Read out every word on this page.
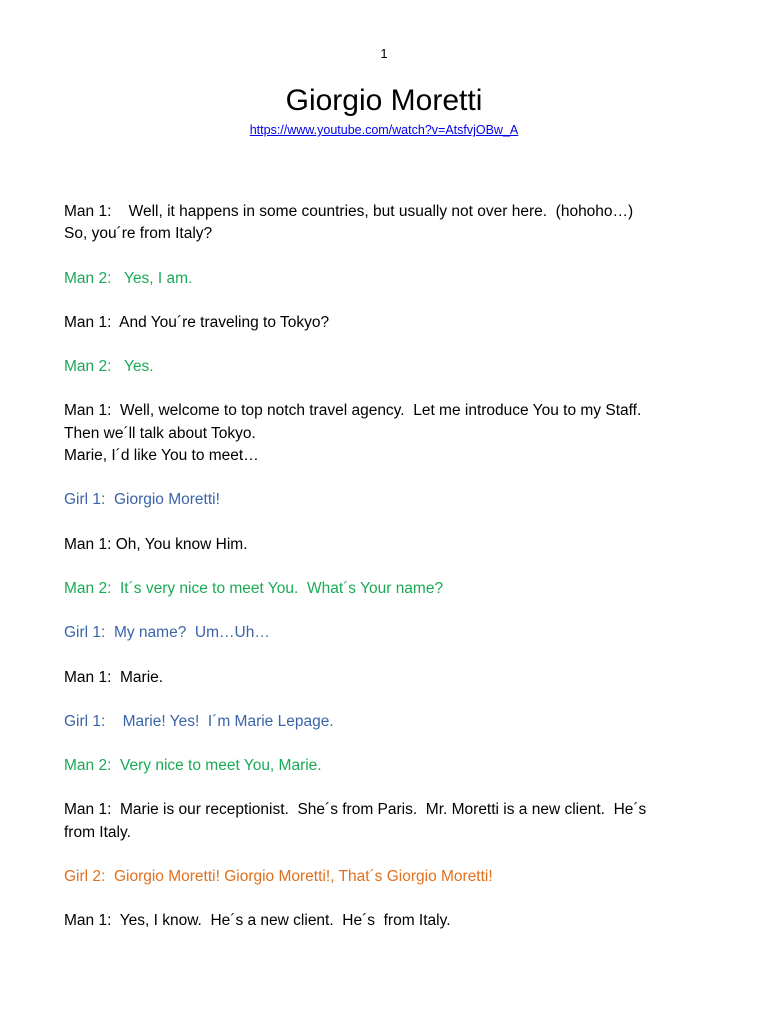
1
Giorgio Moretti
https://www.youtube.com/watch?v=AtsfvjOBw_A
Man 1:    Well, it happens in some countries, but usually not over here.  (hohoho…)
So, you´re from Italy?
Man 2:   Yes, I am.
Man 1:  And You´re traveling to Tokyo?
Man 2:   Yes.
Man 1:  Well, welcome to top notch travel agency.  Let me introduce You to my Staff.
Then we´ll talk about Tokyo.
Marie, I´d like You to meet…
Girl 1:  Giorgio Moretti!
Man 1: Oh, You know Him.
Man 2:  It´s very nice to meet You.  What´s Your name?
Girl 1:  My name?  Um…Uh…
Man 1:  Marie.
Girl 1:    Marie! Yes!  I´m Marie Lepage.
Man 2:  Very nice to meet You, Marie.
Man 1:  Marie is our receptionist.  She´s from Paris.  Mr. Moretti is a new client.  He´s
from Italy.
Girl 2:  Giorgio Moretti! Giorgio Moretti!, That´s Giorgio Moretti!
Man 1:  Yes, I know.  He´s a new client.  He´s  from Italy.
